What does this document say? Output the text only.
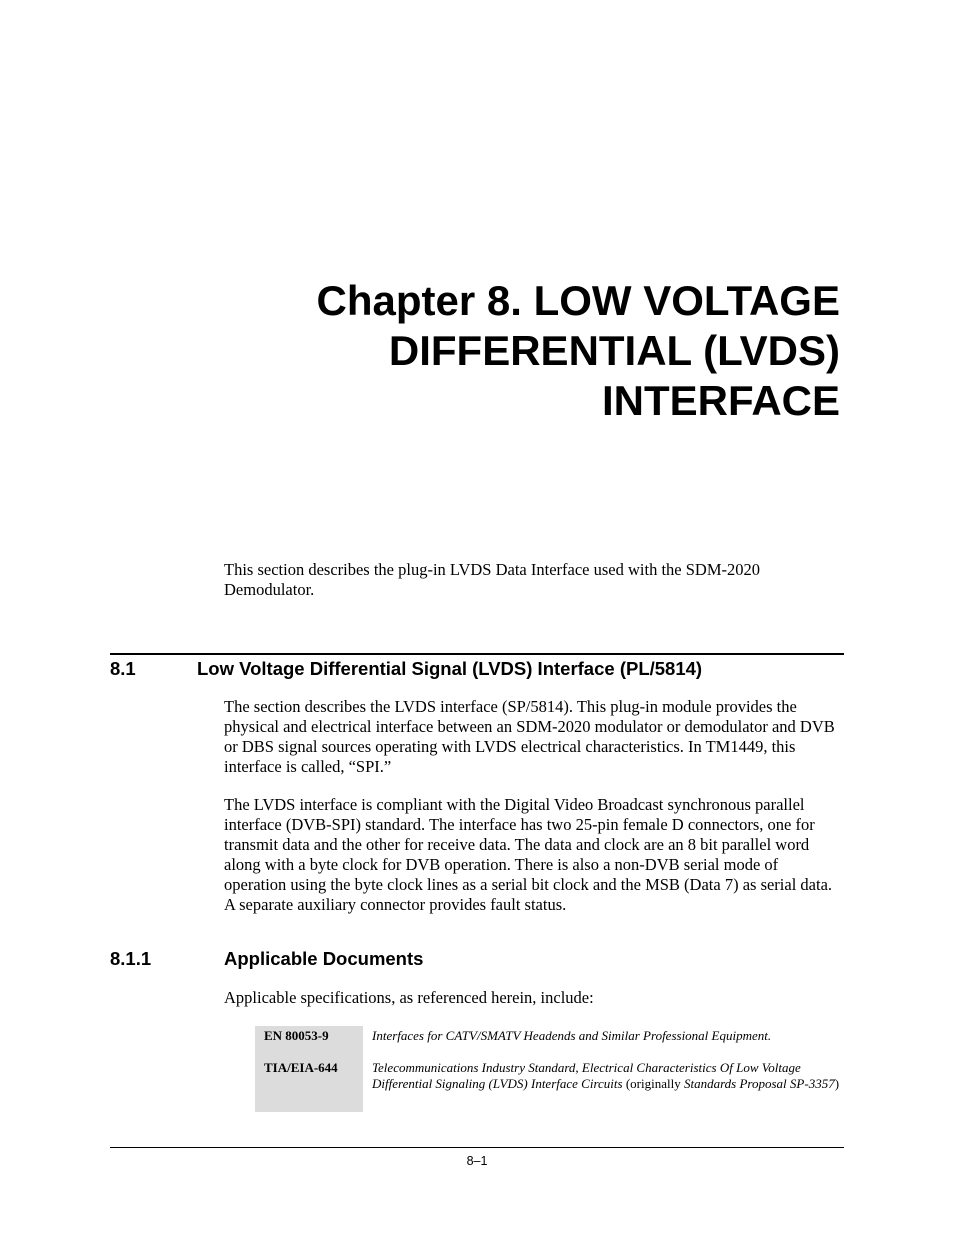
Chapter 8. LOW VOLTAGE
DIFFERENTIAL (LVDS)
INTERFACE

This section describes the plug-in LVDS Data Interface used with the SDM-2020 Demodulator.

8.1	Low Voltage Differential Signal (LVDS) Interface (PL/5814)

The section describes the LVDS interface (SP/5814). This plug-in module provides the physical and electrical interface between an SDM-2020 modulator or demodulator and DVB or DBS signal sources operating with LVDS electrical characteristics. In TM1449, this interface is called, “SPI.”

The LVDS interface is compliant with the Digital Video Broadcast synchronous parallel interface (DVB-SPI) standard. The interface has two 25-pin female D connectors, one for transmit data and the other for receive data. The data and clock are an 8 bit parallel word along with a byte clock for DVB operation. There is also a non-DVB serial mode of operation using the byte clock lines as a serial bit clock and the MSB (Data 7) as serial data. A separate auxiliary connector provides fault status.

8.1.1	Applicable Documents

Applicable specifications, as referenced herein, include:

EN 80053-9	Interfaces for CATV/SMATV Headends and Similar Professional Equipment.
TIA/EIA-644	Telecommunications Industry Standard, Electrical Characteristics Of Low Voltage Differential Signaling (LVDS) Interface Circuits (originally Standards Proposal SP-3357)
8–1
